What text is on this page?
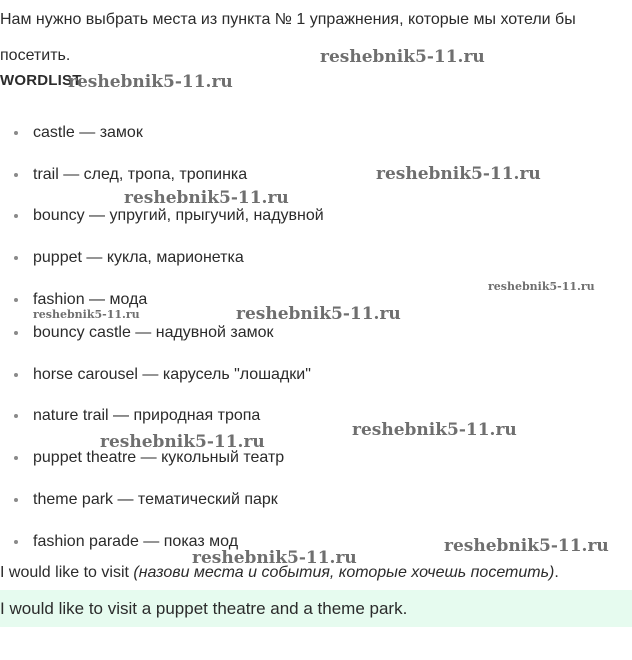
Нам нужно выбрать места из пункта № 1 упражнения, которые мы хотели бы посетить.

WORDLIST
castle — замок
trail — след, тропа, тропинка
bouncy — упругий, прыгучий, надувной
puppet — кукла, марионетка
fashion — мода
bouncy castle — надувной замок
horse carousel — карусель "лошадки"
nature trail — природная тропа
puppet theatre — кукольный театр
theme park — тематический парк
fashion parade — показ мод

I would like to visit (назови места и события, которые хочешь посетить).

I would like to visit a puppet theatre and a theme park.

reshebnik5-11.ru
reshebnik5-11.ru
reshebnik5-11.ru
reshebnik5-11.ru
reshebnik5-11.ru
reshebnik5-11.ru	reshebnik5-11.ru
reshebnik5-11.ru
reshebnik5-11.ru
reshebnik5-11.ru
reshebnik5-11.ru
